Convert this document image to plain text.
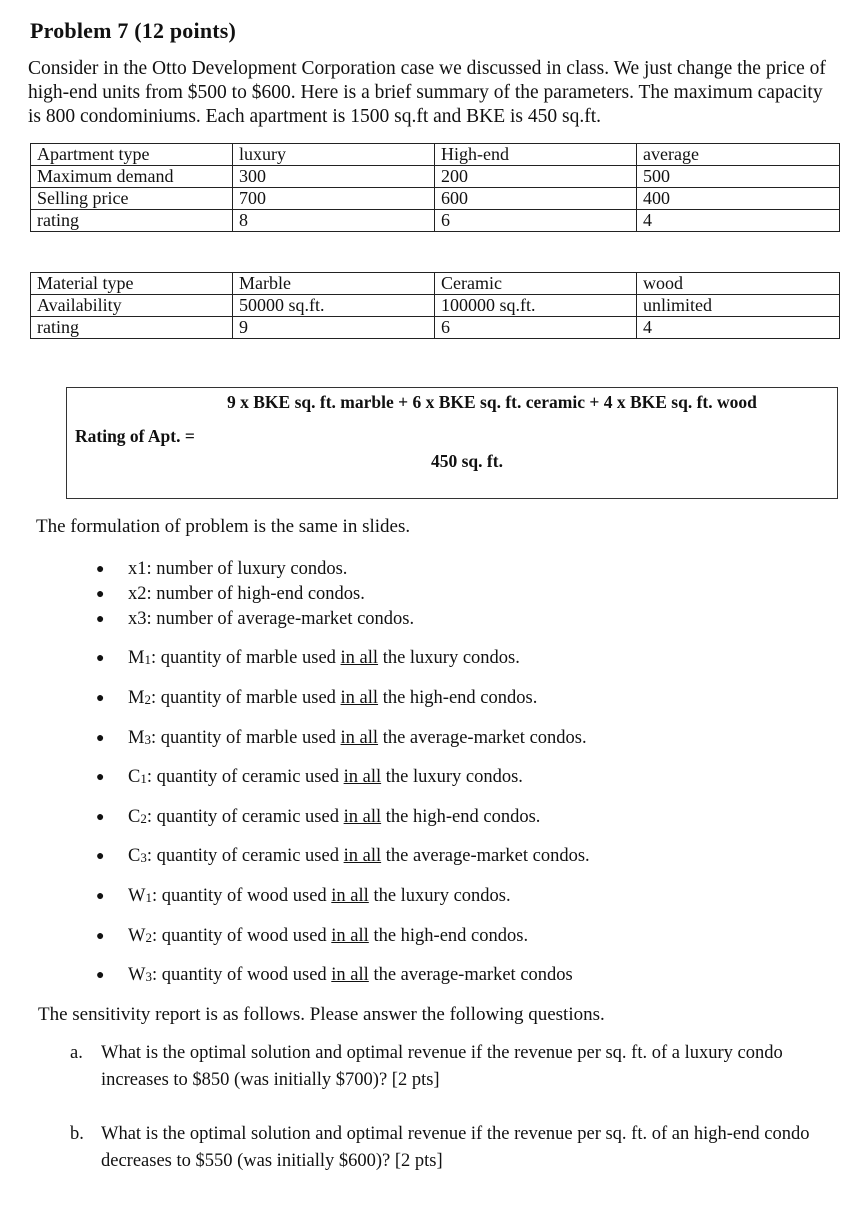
Problem 7 (12 points)
Consider in the Otto Development Corporation case we discussed in class. We just change the price of high-end units from $500 to $600. Here is a brief summary of the parameters. The maximum capacity is 800 condominiums. Each apartment is 1500 sq.ft and BKE is 450 sq.ft.
Apartment type	luxury	High-end	average
Maximum demand	300	200	500
Selling price	700	600	400
rating	8	6	4
Material type	Marble	Ceramic	wood
Availability	50000 sq.ft.	100000 sq.ft.	unlimited
rating	9	6	4
9 x BKE sq. ft. marble + 6 x BKE sq. ft. ceramic + 4 x BKE sq. ft. wood
Rating of Apt. =
450 sq. ft.
The formulation of problem is the same in slides.
● x1: number of luxury condos.
● x2: number of high-end condos.
● x3: number of average-market condos.
● M1: quantity of marble used in all the luxury condos.
● M2: quantity of marble used in all the high-end condos.
● M3: quantity of marble used in all the average-market condos.
● C1: quantity of ceramic used in all the luxury condos.
● C2: quantity of ceramic used in all the high-end condos.
● C3: quantity of ceramic used in all the average-market condos.
● W1: quantity of wood used in all the luxury condos.
● W2: quantity of wood used in all the high-end condos.
● W3: quantity of wood used in all the average-market condos
The sensitivity report is as follows. Please answer the following questions.
a. What is the optimal solution and optimal revenue if the revenue per sq. ft. of a luxury condo increases to $850 (was initially $700)? [2 pts]
b. What is the optimal solution and optimal revenue if the revenue per sq. ft. of an high-end condo decreases to $550 (was initially $600)? [2 pts]
